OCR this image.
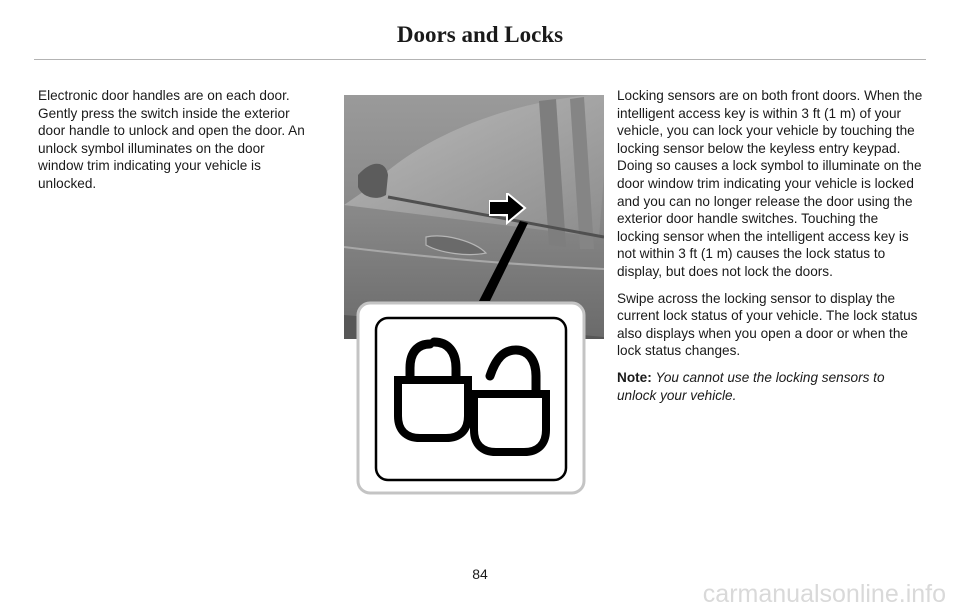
Doors and Locks

Electronic door handles are on each door. Gently press the switch inside the exterior door handle to unlock and open the door. An unlock symbol illuminates on the door window trim indicating your vehicle is unlocked.

Locking sensors are on both front doors. When the intelligent access key is within 3 ft (1 m) of your vehicle, you can lock your vehicle by touching the locking sensor below the keyless entry keypad. Doing so causes a lock symbol to illuminate on the door window trim indicating your vehicle is locked and you can no longer release the door using the exterior door handle switches. Touching the locking sensor when the intelligent access key is not within 3 ft (1 m) causes the lock status to display, but does not lock the doors.

Swipe across the locking sensor to display the current lock status of your vehicle. The lock status also displays when you open a door or when the lock status changes.

Note: You cannot use the locking sensors to unlock your vehicle.

84
carmanualsonline.info
